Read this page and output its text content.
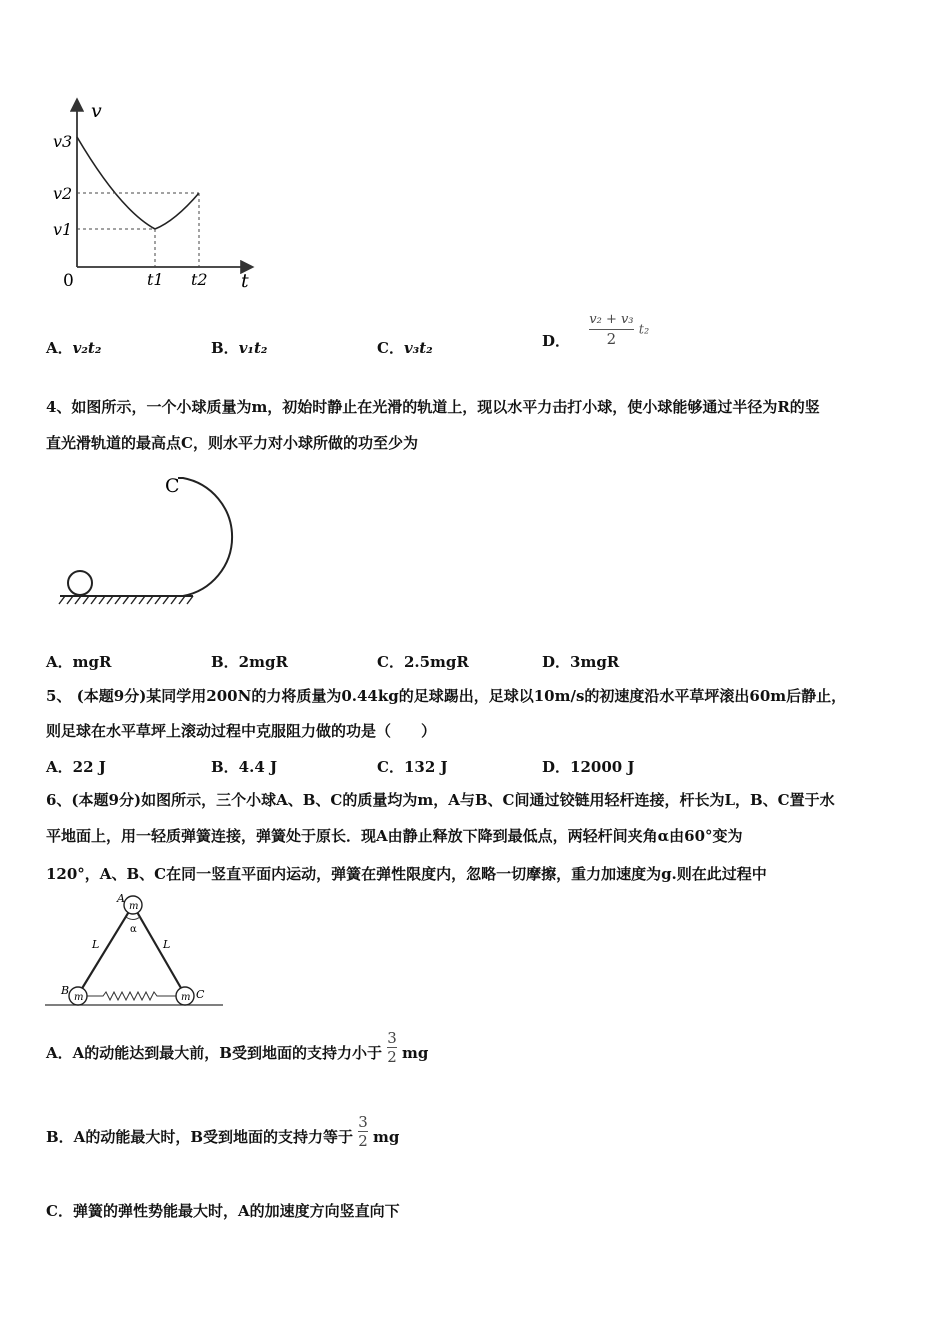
v
t
0
v3
v2
v1
t1 t2
A．v₂t₂	B．v₁t₂	C．v₃t₂	D． $\frac{\text{v₂ + v₃}}{2} t_2$
4、如图所示，一个小球质量为m，初始时静止在光滑的轨道上，现以水平力击打小球，使小球能够通过半径为R的竖
直光滑轨道的最高点C，则水平力对小球所做的功至少为
C
A．mgR	B．2mgR	C．2.5mgR	D．3mgR
5、 (本题9分)某同学用200N的力将质量为0.44kg的足球踢出，足球以10m/s的初速度沿水平草坪滚出60m后静止，
则足球在水平草坪上滚动过程中克服阻力做的功是（　　）
A．22 J	B．4.4 J	C．132 J	D．12000 J
6、(本题9分)如图所示，三个小球A、B、C的质量均为m，A与B、C间通过铰链用轻杆连接，杆长为L，B、C置于水
平地面上，用一轻质弹簧连接，弹簧处于原长．现A由静止释放下降到最低点，两轻杆间夹角α由60°变为
120°，A、B、C在同一竖直平面内运动，弹簧在弹性限度内，忽略一切摩擦，重力加速度为g.则在此过程中
m
m	m
A
B	C
L	L
α
A．A的动能达到最大前，B受到地面的支持力小于 $\frac{3}{2}$ mg
B．A的动能最大时，B受到地面的支持力等于 $\frac{3}{2}$ mg
C．弹簧的弹性势能最大时，A的加速度方向竖直向下
